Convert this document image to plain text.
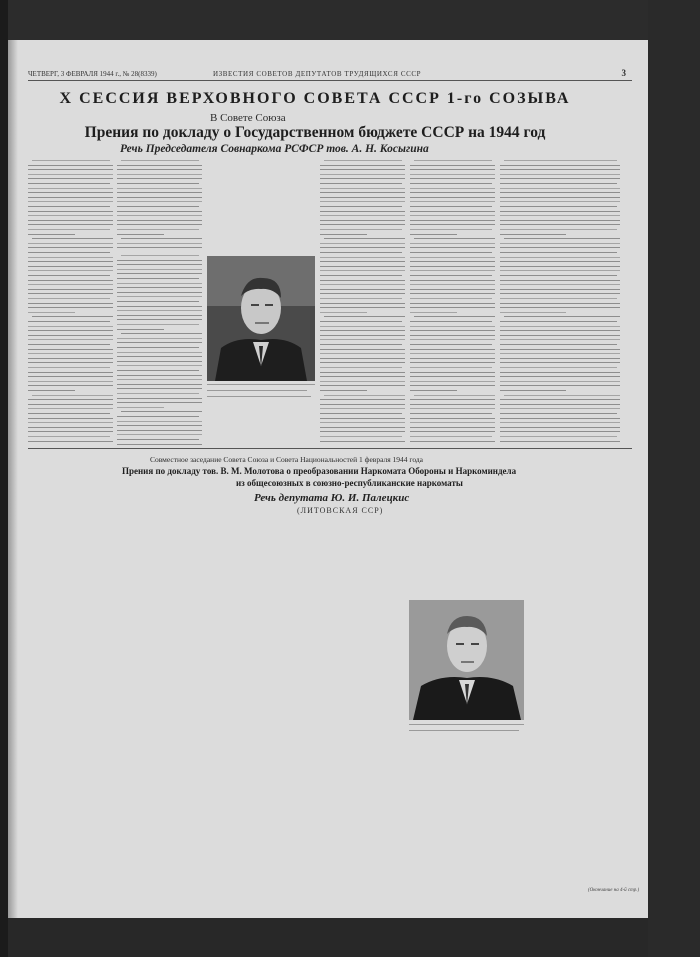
ЧЕТВЕРГ, 3 ФЕВРАЛЯ 1944 г., № 28(8339)	ИЗВЕСТИЯ СОВЕТОВ ДЕПУТАТОВ ТРУДЯЩИХСЯ СССР	3
Х СЕССИЯ ВЕРХОВНОГО СОВЕТА СССР 1-го СОЗЫВА
В Совете Союза
Прения по докладу о Государственном бюджете СССР на 1944 год
Речь Председателя Совнаркома РСФСР тов. А. Н. Косыгина
Совместное заседание Совета Союза и Совета Национальностей 1 февраля 1944 года
Прения по докладу тов. В. М. Молотова о преобразовании Наркомата Обороны и Наркоминдела
из общесоюзных в союзно-республиканские наркоматы
Речь депутата Ю. И. Палецкис
(ЛИТОВСКАЯ ССР)
(Окончание на 4-й стр.)
